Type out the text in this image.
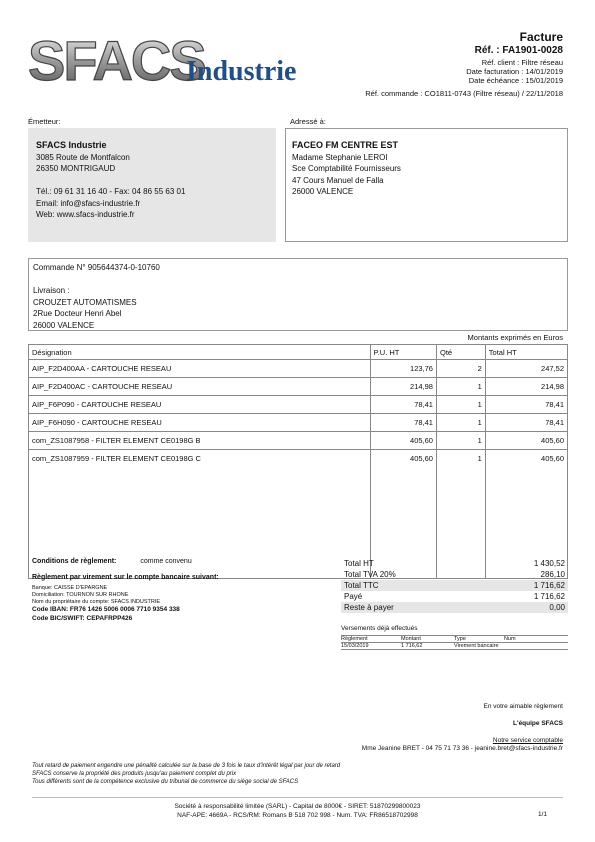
SFACS
Industrie
Facture
Réf. : FA1901-0028
Réf. client : Filtre réseau
Date facturation : 14/01/2019
Date échéance : 15/01/2019
Réf. commande : CO1811-0743 (Filtre réseau) / 22/11/2018
Émetteur:
SFACS Industrie
3085 Route de Montfalcon
26350 MONTRIGAUD

Tél.: 09 61 31 16 40 - Fax: 04 86 55 63 01
Email: info@sfacs-industrie.fr
Web: www.sfacs-industrie.fr
Adressé à:
FACEO FM CENTRE EST
Madame Stephanie LEROI
Sce Comptabilité Fournisseurs
47 Cours Manuel de Falla
26000 VALENCE
Commande N° 905644374-0-10760

Livraison :
CROUZET AUTOMATISMES
2Rue Docteur Henri Abel
26000 VALENCE
Montants exprimés en Euros
Désignation	P.U. HT	Qté	Total HT
AIP_F2D400AA - CARTOUCHE RESEAU	123,76	2	247,52
AIP_F2D400AC - CARTOUCHE RESEAU	214,98	1	214,98
AIP_F6P090 - CARTOUCHE RESEAU	78,41	1	78,41
AIP_F6H090 - CARTOUCHE RESEAU	78,41	1	78,41
com_ZS1087958 - FILTER ELEMENT CE0198G B	405,60	1	405,60
com_ZS1087959 - FILTER ELEMENT CE0198G C	405,60	1	405,60

Conditions de règlement:	comme convenu
Règlement par virement sur le compte bancaire suivant:
Banque: CAISSE D'EPARGNE
Domiciliation: TOURNON SUR RHONE
Nom du propriétaire du compte: SFACS INDUSTRIE
Code IBAN: FR76 1426 5006 0006 7710 9354 338
Code BIC/SWIFT: CEPAFRPP426
Total HT	1 430,52
Total TVA 20%	286,10
Total TTC	1 716,62
Payé	1 716,62
Reste à payer	0,00
Versements déjà effectués
Règlement	Montant	Type	Num
15/03/2019	1 716,62	Virement bancaire
En votre aimable règlement
L'équipe SFACS
Notre service comptable
Mme Jeanine BRET - 04 75 71 73 36 - jeanine.bret@sfacs-industrie.fr
Tout retard de paiement engendre une pénalité calculée sur la base de 3 fois le taux d'intérêt légal par jour de retard
SFACS conserve la propriété des produits jusqu'au paiement complet du prix
Tous différents sont de la compétence exclusive du tribunal de commerce du siège social de SFACS
Société à responsabilité limitée (SARL) - Capital de 8000€ - SIRET: 51870299800023
NAF-APE: 4669A - RCS/RM: Romans B 518 702 998 - Num. TVA: FR86518702998	1/1
